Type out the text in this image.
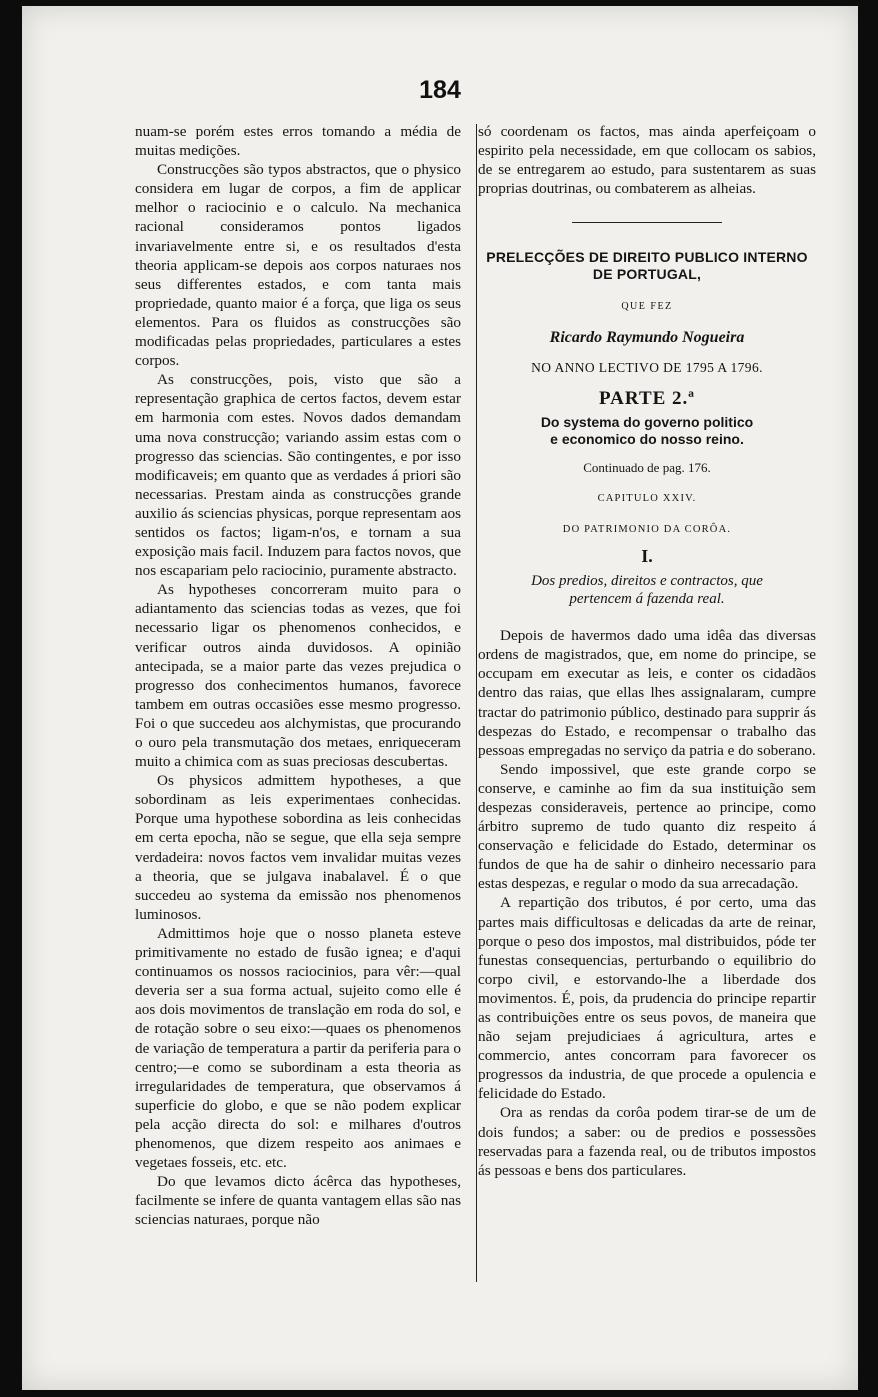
184

nuam-se porém estes erros tomando a média de muitas medições.

Construcções são typos abstractos, que o physico considera em lugar de corpos, a fim de applicar melhor o raciocinio e o calculo. Na mechanica racional consideramos pontos ligados invariavelmente entre si, e os resultados d'esta theoria applicam-se depois aos corpos naturaes nos seus differentes estados, e com tanta mais propriedade, quanto maior é a força, que liga os seus elementos. Para os fluidos as construcções são modificadas pelas propriedades, particulares a estes corpos.

As construcções, pois, visto que são a representação graphica de certos factos, devem estar em harmonia com estes. Novos dados demandam uma nova construcção; variando assim estas com o progresso das sciencias. São contingentes, e por isso modificaveis; em quanto que as verdades á priori são necessarias. Prestam ainda as construcções grande auxilio ás sciencias physicas, porque representam aos sentidos os factos; ligam-n'os, e tornam a sua exposição mais facil. Induzem para factos novos, que nos escapariam pelo raciocinio, puramente abstracto.

As hypotheses concorreram muito para o adiantamento das sciencias todas as vezes, que foi necessario ligar os phenomenos conhecidos, e verificar outros ainda duvidosos. A opinião antecipada, se a maior parte das vezes prejudica o progresso dos conhecimentos humanos, favorece tambem em outras occasiões esse mesmo progresso. Foi o que succedeu aos alchymistas, que procurando o ouro pela transmutação dos metaes, enriqueceram muito a chimica com as suas preciosas descubertas.

Os physicos admittem hypotheses, a que sobordinam as leis experimentaes conhecidas. Porque uma hypothese sobordina as leis conhecidas em certa epocha, não se segue, que ella seja sempre verdadeira: novos factos vem invalidar muitas vezes a theoria, que se julgava inabalavel. É o que succedeu ao systema da emissão nos phenomenos luminosos.

Admittimos hoje que o nosso planeta esteve primitivamente no estado de fusão ignea; e d'aqui continuamos os nossos raciocinios, para vêr:—qual deveria ser a sua forma actual, sujeito como elle é aos dois movimentos de translação em roda do sol, e de rotação sobre o seu eixo:—quaes os phenomenos de variação de temperatura a partir da periferia para o centro;—e como se subordinam a esta theoria as irregularidades de temperatura, que observamos á superficie do globo, e que se não podem explicar pela acção directa do sol: e milhares d'outros phenomenos, que dizem respeito aos animaes e vegetaes fosseis, etc. etc.

Do que levamos dicto ácêrca das hypotheses, facilmente se infere de quanta vantagem ellas são nas sciencias naturaes, porque não

só coordenam os factos, mas ainda aperfeiçoam o espirito pela necessidade, em que collocam os sabios, de se entregarem ao estudo, para sustentarem as suas proprias doutrinas, ou combaterem as alheias.

PRELECÇÕES DE DIREITO PUBLICO INTERNO
DE PORTUGAL,
QUE FEZ
Ricardo Raymundo Nogueira
NO ANNO LECTIVO DE 1795 A 1796.
PARTE 2.ª
Do systema do governo politico
e economico do nosso reino.
Continuado de pag. 176.
CAPITULO XXIV.
DO PATRIMONIO DA CORÔA.
I.
Dos predios, direitos e contractos, que
pertencem á fazenda real.

Depois de havermos dado uma idêa das diversas ordens de magistrados, que, em nome do principe, se occupam em executar as leis, e conter os cidadãos dentro das raias, que ellas lhes assignalaram, cumpre tractar do patrimonio público, destinado para supprir ás despezas do Estado, e recompensar o trabalho das pessoas empregadas no serviço da patria e do soberano.

Sendo impossivel, que este grande corpo se conserve, e caminhe ao fim da sua instituição sem despezas consideraveis, pertence ao principe, como árbitro supremo de tudo quanto diz respeito á conservação e felicidade do Estado, determinar os fundos de que ha de sahir o dinheiro necessario para estas despezas, e regular o modo da sua arrecadação.

A repartição dos tributos, é por certo, uma das partes mais difficultosas e delicadas da arte de reinar, porque o peso dos impostos, mal distribuidos, póde ter funestas consequencias, perturbando o equilibrio do corpo civil, e estorvando-lhe a liberdade dos movimentos. É, pois, da prudencia do principe repartir as contribuições entre os seus povos, de maneira que não sejam prejudiciaes á agricultura, artes e commercio, antes concorram para favorecer os progressos da industria, de que procede a opulencia e felicidade do Estado.

Ora as rendas da corôa podem tirar-se de um de dois fundos; a saber: ou de predios e possessões reservadas para a fazenda real, ou de tributos impostos ás pessoas e bens dos particulares.
